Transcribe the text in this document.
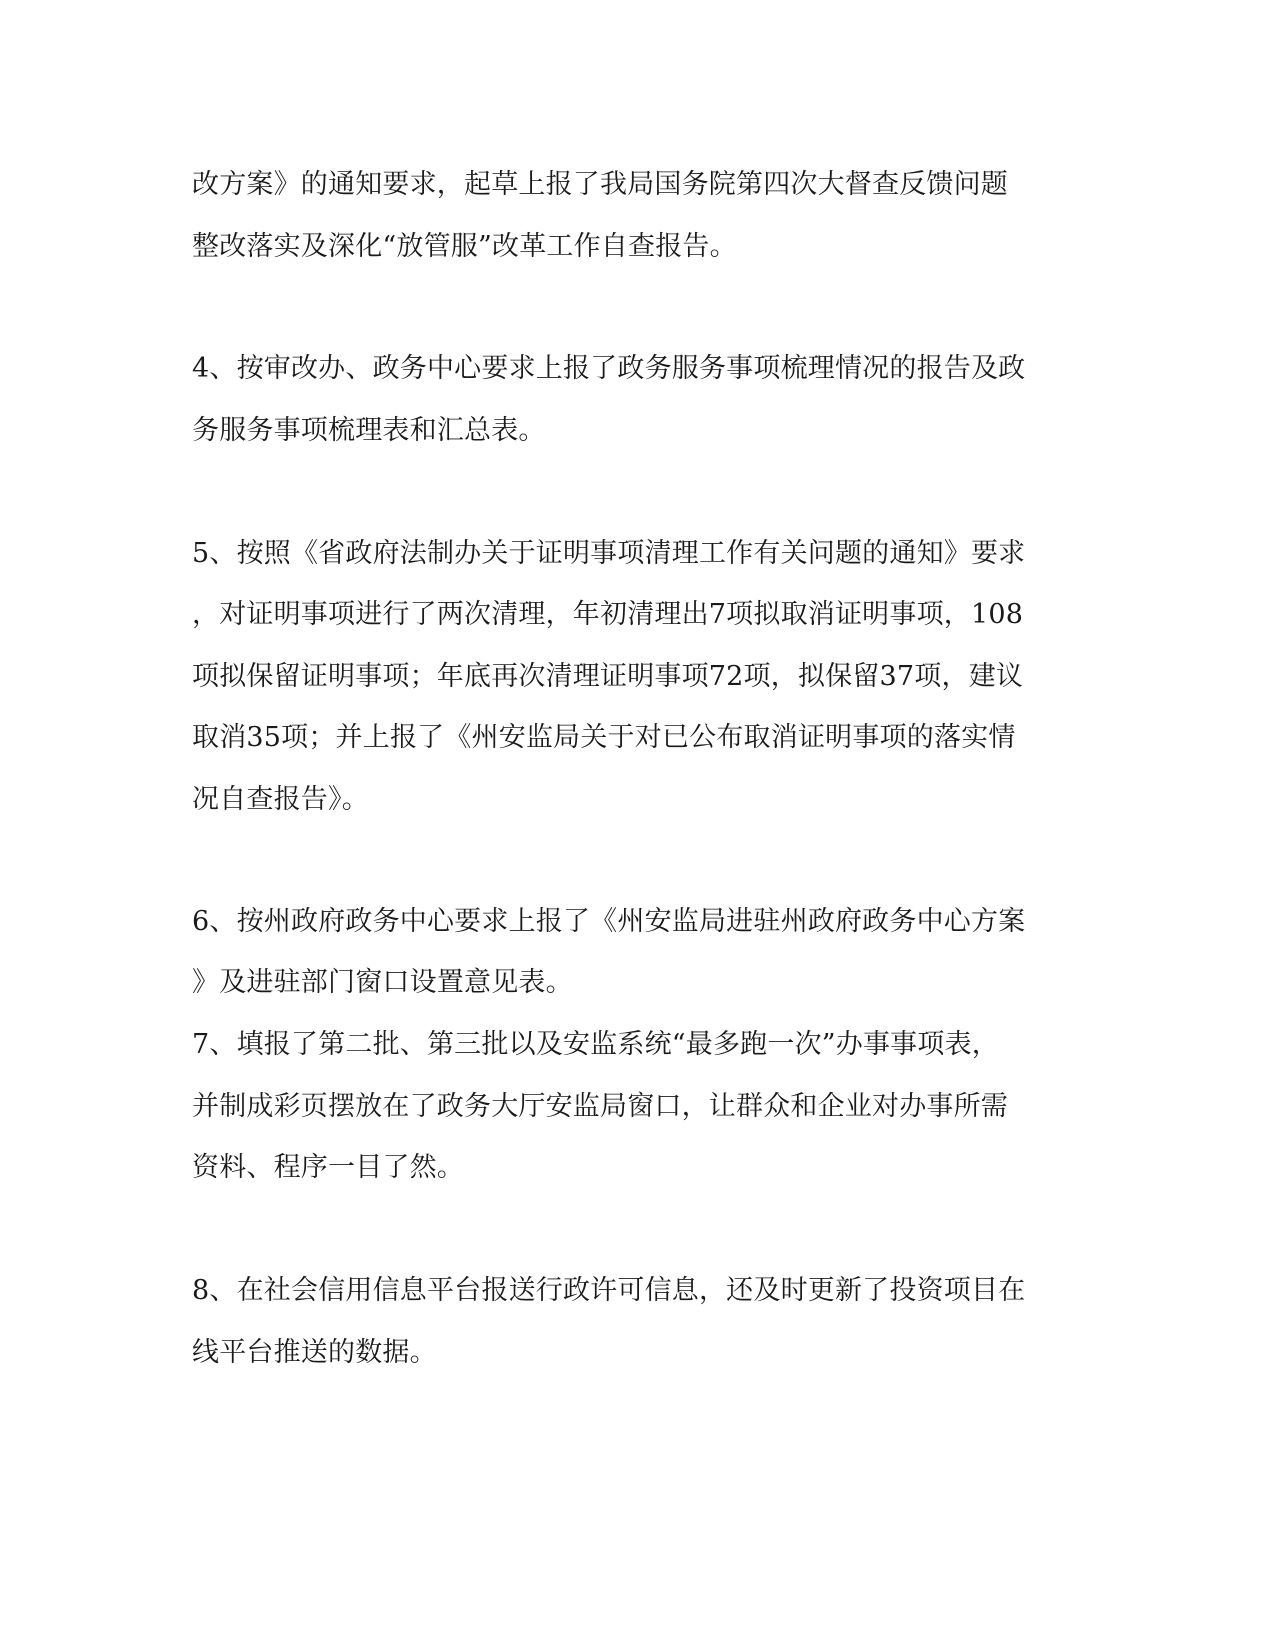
改方案》的通知要求，起草上报了我局国务院第四次大督查反馈问题
整改落实及深化“放管服”改革工作自查报告。
4、按审改办、政务中心要求上报了政务服务事项梳理情况的报告及政
务服务事项梳理表和汇总表。
5、按照《省政府法制办关于证明事项清理工作有关问题的通知》要求
，对证明事项进行了两次清理，年初清理出7项拟取消证明事项，108
项拟保留证明事项；年底再次清理证明事项72项，拟保留37项，建议
取消35项；并上报了《州安监局关于对已公布取消证明事项的落实情
况自查报告》。
6、按州政府政务中心要求上报了《州安监局进驻州政府政务中心方案
》及进驻部门窗口设置意见表。
7、填报了第二批、第三批以及安监系统“最多跑一次”办事事项表，
并制成彩页摆放在了政务大厅安监局窗口，让群众和企业对办事所需
资料、程序一目了然。
8、在社会信用信息平台报送行政许可信息，还及时更新了投资项目在
线平台推送的数据。
